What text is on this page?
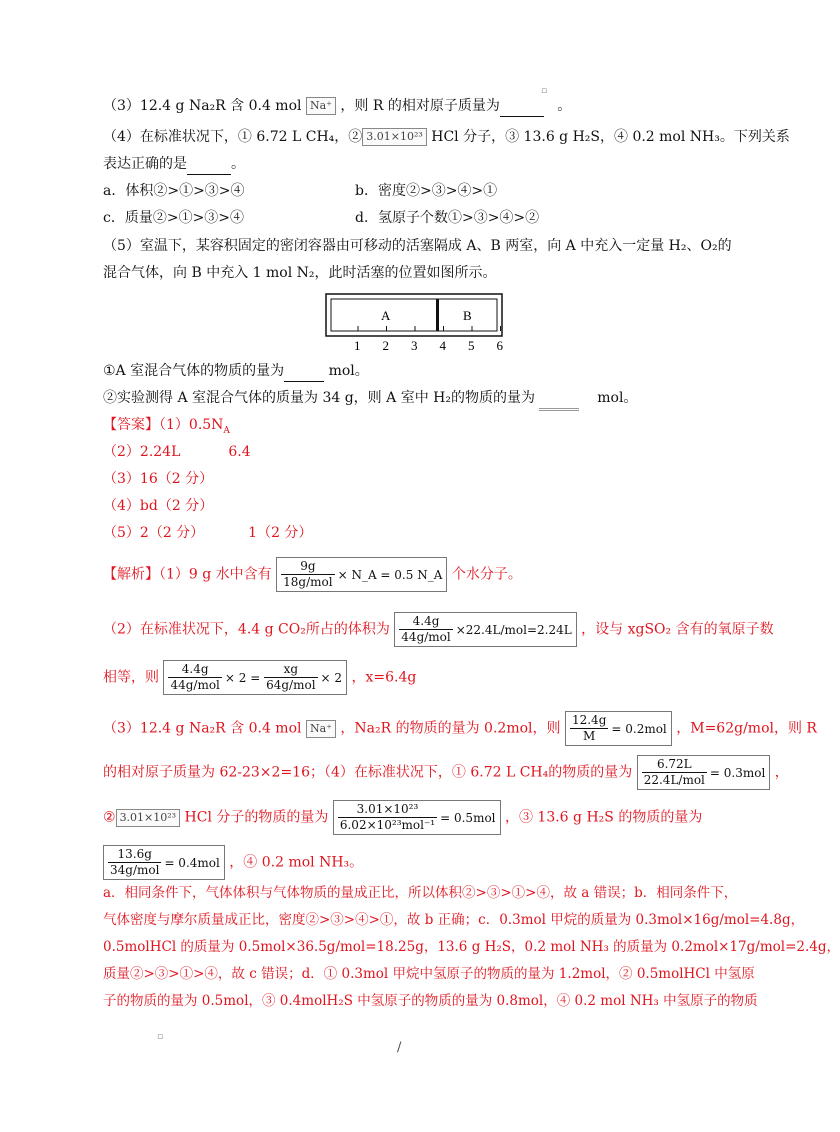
▫
（3）12.4 g Na₂R 含 0.4 mol Na⁺ ，则 R 的相对原子质量为	。
（4）在标准状况下，① 6.72 L CH₄，② 3.01×10²³ HCl 分子，③ 13.6 g H₂S，④ 0.2 mol NH₃。下列关系
表达正确的是	。
a．体积②>①>③>④	b．密度②>③>④>①
c．质量②>①>③>④	d．氢原子个数①>③>④>②
（5）室温下，某容积固定的密闭容器由可移动的活塞隔成 A、B 两室，向 A 中充入一定量 H₂、O₂的
混合气体，向 B 中充入 1 mol N₂，此时活塞的位置如图所示。
A	B
1 2 3 4 5 6
①A 室混合气体的物质的量为	mol。
②实验测得 A 室混合气体的质量为 34 g，则 A 室中 H₂的物质的量为	mol。
【答案】$(1)0.5N_A$
（2）2.24L	6.4
（3）16（2 分）
（4）bd（2 分）
（5）2（2 分）	1（2 分）
【解析】（1）9 g 水中含有 $\frac{9g}{\text{18g/mol}}$ × N_A = 0.5 N_A 个水分子。
（2）在标准状况下，4.4 g CO₂所占的体积为 $\frac{4.4g}{\text{44g/mol}} \times 22.4L/mol=2.24L$ ，设与 xgSO₂ 含有的氧原子数
相等，则 $\frac{4.4g}{\text{44g/mol}} \times 2 = \frac{xg}{\text{64g/mol}} \times 2$ ，x=6.4g
（3）12.4 g Na₂R 含 0.4 mol Na⁺ ，Na₂R 的物质的量为 0.2mol，则 $\frac{12.4g}{M} = 0.2mol$ ，M=62g/mol，则 R
的相对原子质量为 62-23×2=16；（4）在标准状况下，① 6.72 L CH₄的物质的量为 $\frac{6.72L}{\text{22.4L/mol}} = 0.3mol$ ，
② 3.01×10²³ HCl 分子的物质的量为 $\frac{\text{3.01×10²³}}{\text{6.02×10²³mol⁻¹}} = 0.5mol$ ，③ 13.6 g H₂S 的物质的量为
$\frac{13.6g}{\text{34g/mol}} = 0.4mol$ ，④ 0.2 mol NH₃。
a．相同条件下，气体体积与气体物质的量成正比，所以体积②>③>①>④，故 a 错误；b．相同条件下，
气体密度与摩尔质量成正比，密度②>③>④>①，故 b 正确；c．0.3mol 甲烷的质量为 0.3mol×16g/mol=4.8g，
0.5molHCl 的质量为 0.5mol×36.5g/mol=18.25g，13.6 g H₂S，0.2 mol NH₃ 的质量为 0.2mol×17g/mol=2.4g，
质量②>③>①>④，故 c 错误；d．① 0.3mol 甲烷中氢原子的物质的量为 1.2mol，② 0.5molHCl 中氢原
子的物质的量为 0.5mol，③ 0.4molH₂S 中氢原子的物质的量为 0.8mol，④ 0.2 mol NH₃ 中氢原子的物质
▫
/
